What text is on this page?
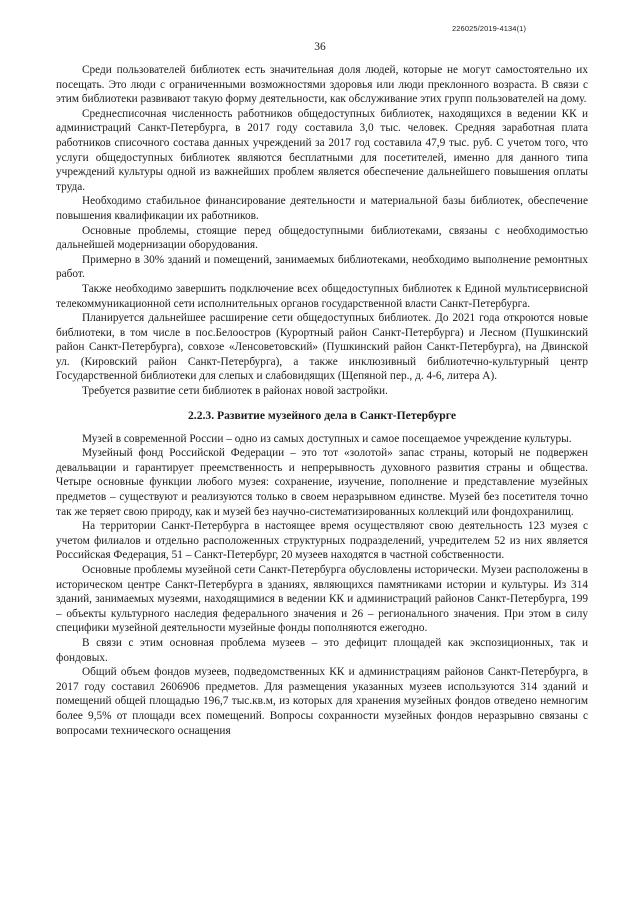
226025/2019-4134(1)
36

Среди пользователей библиотек есть значительная доля людей, которые не могут самостоятельно их посещать. Это люди с ограниченными возможностями здоровья или люди преклонного возраста. В связи с этим библиотеки развивают такую форму деятельности, как обслуживание этих групп пользователей на дому.

Среднесписочная численность работников общедоступных библиотек, находящихся в ведении КК и администраций Санкт-Петербурга, в 2017 году составила 3,0 тыс. человек. Средняя заработная плата работников списочного состава данных учреждений за 2017 год составила 47,9 тыс. руб. С учетом того, что услуги общедоступных библиотек являются бесплатными для посетителей, именно для данного типа учреждений культуры одной из важнейших проблем является обеспечение дальнейшего повышения оплаты труда.

Необходимо стабильное финансирование деятельности и материальной базы библиотек, обеспечение повышения квалификации их работников.

Основные проблемы, стоящие перед общедоступными библиотеками, связаны с необходимостью дальнейшей модернизации оборудования.

Примерно в 30% зданий и помещений, занимаемых библиотеками, необходимо выполнение ремонтных работ.

Также необходимо завершить подключение всех общедоступных библиотек к Единой мультисервисной телекоммуникационной сети исполнительных органов государственной власти Санкт-Петербурга.

Планируется дальнейшее расширение сети общедоступных библиотек. До 2021 года откроются новые библиотеки, в том числе в пос.Белоостров (Курортный район Санкт-Петербурга) и Лесном (Пушкинский район Санкт-Петербурга), совхозе «Ленсоветовский» (Пушкинский район Санкт-Петербурга), на Двинской ул. (Кировский район Санкт-Петербурга), а также инклюзивный библиотечно-культурный центр Государственной библиотеки для слепых и слабовидящих (Щепяной пер., д. 4-6, литера А).

Требуется развитие сети библиотек в районах новой застройки.

2.2.3. Развитие музейного дела в Санкт-Петербурге

Музей в современной России – одно из самых доступных и самое посещаемое учреждение культуры.

Музейный фонд Российской Федерации – это тот «золотой» запас страны, который не подвержен девальвации и гарантирует преемственность и непрерывность духовного развития страны и общества. Четыре основные функции любого музея: сохранение, изучение, пополнение и представление музейных предметов – существуют и реализуются только в своем неразрывном единстве. Музей без посетителя точно так же теряет свою природу, как и музей без научно-систематизированных коллекций или фондохранилищ.

На территории Санкт-Петербурга в настоящее время осуществляют свою деятельность 123 музея с учетом филиалов и отдельно расположенных структурных подразделений, учредителем 52 из них является Российская Федерация, 51 – Санкт-Петербург, 20 музеев находятся в частной собственности.

Основные проблемы музейной сети Санкт-Петербурга обусловлены исторически. Музеи расположены в историческом центре Санкт-Петербурга в зданиях, являющихся памятниками истории и культуры. Из 314 зданий, занимаемых музеями, находящимися в ведении КК и администраций районов Санкт-Петербурга, 199 – объекты культурного наследия федерального значения и 26 – регионального значения. При этом в силу специфики музейной деятельности музейные фонды пополняются ежегодно.

В связи с этим основная проблема музеев – это дефицит площадей как экспозиционных, так и фондовых.

Общий объем фондов музеев, подведомственных КК и администрациям районов Санкт-Петербурга, в 2017 году составил 2606906 предметов. Для размещения указанных музеев используются 314 зданий и помещений общей площадью 196,7 тыс.кв.м, из которых для хранения музейных фондов отведено немногим более 9,5% от площади всех помещений. Вопросы сохранности музейных фондов неразрывно связаны с вопросами технического оснащения
